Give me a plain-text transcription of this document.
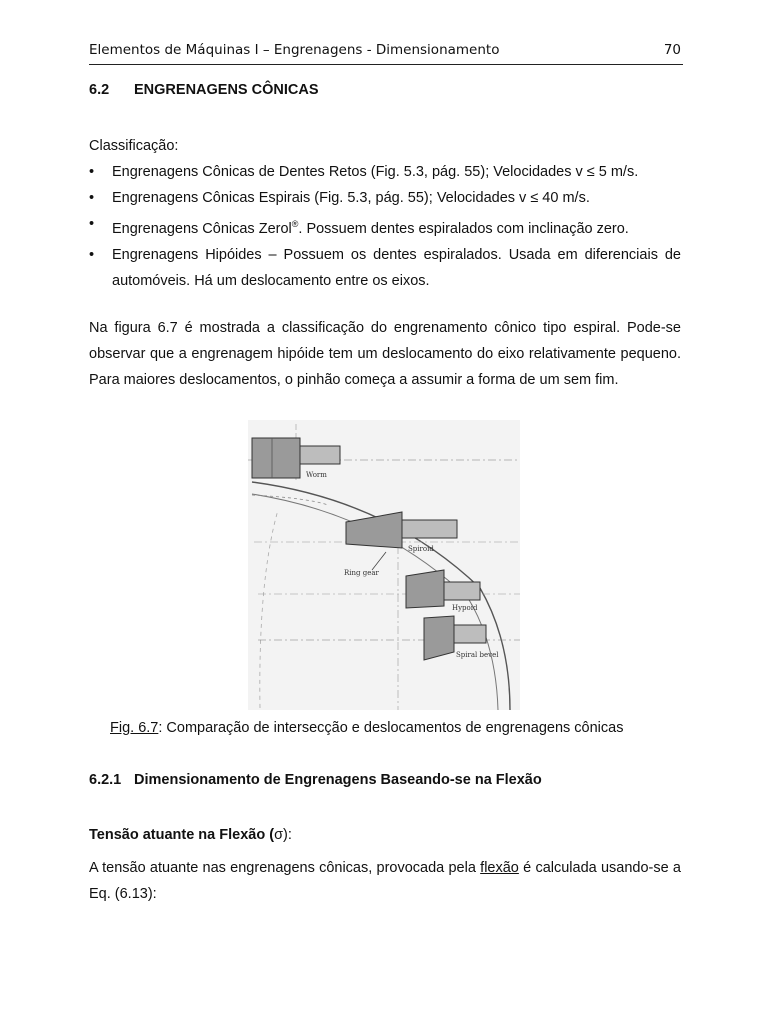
Elementos de Máquinas I – Engrenagens - Dimensionamento	70
6.2 ENGRENAGENS CÔNICAS
Classificação:
• Engrenagens Cônicas de Dentes Retos (Fig. 5.3, pág. 55); Velocidades v ≤ 5 m/s.
• Engrenagens Cônicas Espirais (Fig. 5.3, pág. 55); Velocidades v ≤ 40 m/s.
• Engrenagens Cônicas Zerol®. Possuem dentes espiralados com inclinação zero.
• Engrenagens Hipóides – Possuem os dentes espiralados. Usada em diferenciais de automóveis. Há um deslocamento entre os eixos.
Na figura 6.7 é mostrada a classificação do engrenamento cônico tipo espiral. Pode-se observar que a engrenagem hipóide tem um deslocamento do eixo relativamente pequeno. Para maiores deslocamentos, o pinhão começa a assumir a forma de um sem fim.
Worm
Spiroid
Ring gear
Hypoid
Spiral bevel
Fig. 6.7: Comparação de intersecção e deslocamentos de engrenagens cônicas
6.2.1 Dimensionamento de Engrenagens Baseando-se na Flexão
Tensão atuante na Flexão (σ):
A tensão atuante nas engrenagens cônicas, provocada pela flexão é calculada usando-se a Eq. (6.13):
